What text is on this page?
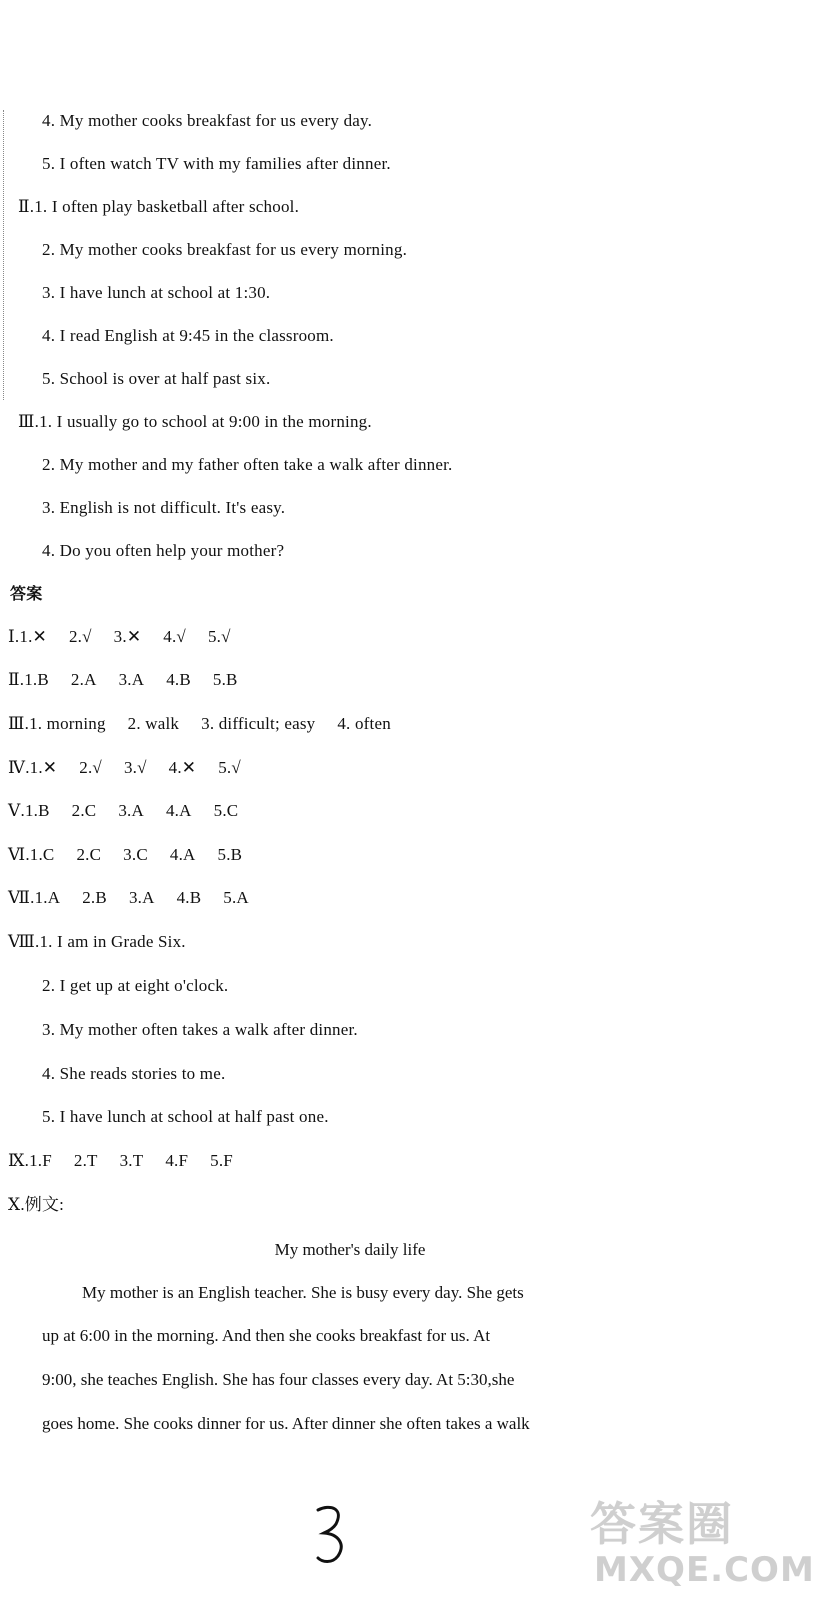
4. My mother cooks breakfast for us every day.
5. I often watch TV with my families after dinner.
Ⅱ.1. I often play basketball after school.
2. My mother cooks breakfast for us every morning.
3. I have lunch at school at 1:30.
4. I read English at 9:45 in the classroom.
5. School is over at half past six.
Ⅲ.1. I usually go to school at 9:00 in the morning.
2. My mother and my father often take a walk after dinner.
3. English is not difficult. It's easy.
4. Do you often help your mother?
答案
Ⅰ.1.✕ 2.√ 3.✕ 4.√ 5.√
Ⅱ.1.B 2.A 3.A 4.B 5.B
Ⅲ.1. morning 2. walk 3. difficult; easy 4. often
Ⅳ.1.✕ 2.√ 3.√ 4.✕ 5.√
Ⅴ.1.B 2.C 3.A 4.A 5.C
Ⅵ.1.C 2.C 3.C 4.A 5.B
Ⅶ.1.A 2.B 3.A 4.B 5.A
Ⅷ.1. I am in Grade Six.
2. I get up at eight o'clock.
3. My mother often takes a walk after dinner.
4. She reads stories to me.
5. I have lunch at school at half past one.
Ⅸ.1.F 2.T 3.T 4.F 5.F
Ⅹ.例文:
My mother's daily life
My mother is an English teacher. She is busy every day. She gets
up at 6:00 in the morning. And then she cooks breakfast for us. At
9:00, she teaches English. She has four classes every day. At 5:30,she
goes home. She cooks dinner for us. After dinner she often takes a walk
答案圈
MXQE.COM
